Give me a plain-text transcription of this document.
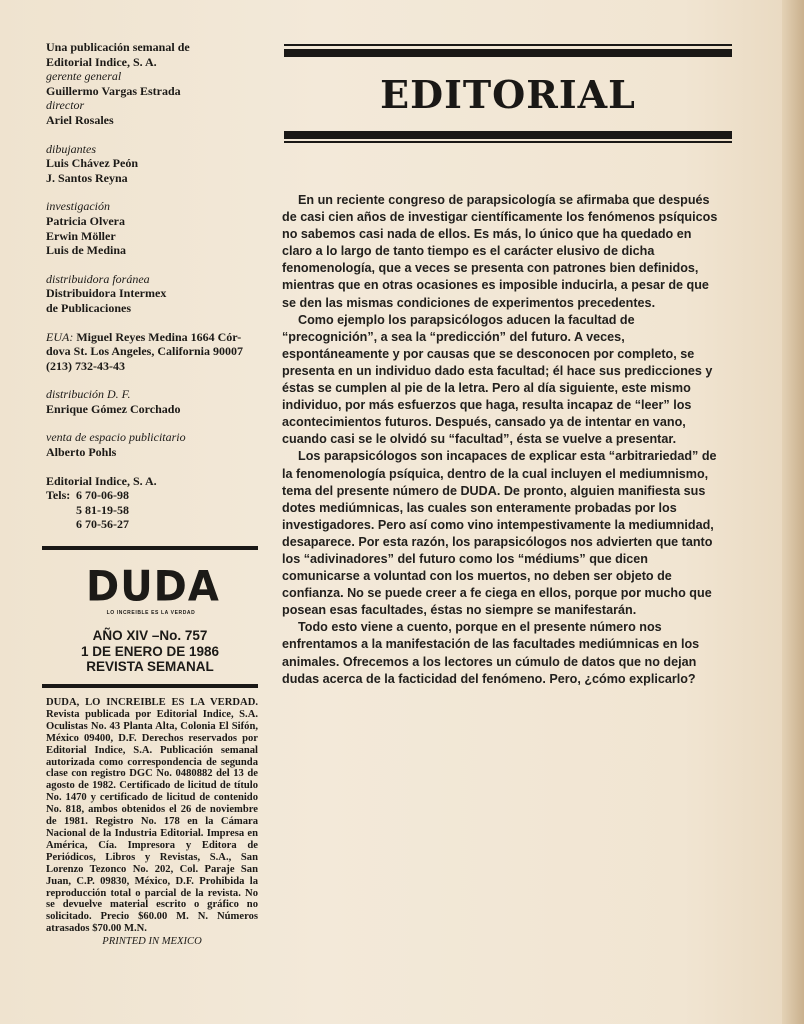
Una publicación semanal de
Editorial Indice, S. A.
gerente general
Guillermo Vargas Estrada
director
Ariel Rosales
dibujantes
Luis Chávez Peón
J. Santos Reyna
investigación
Patricia Olvera
Erwin Möller
Luis de Medina
distribuidora foránea
Distribuidora Intermex
de Publicaciones
EUA: Miguel Reyes Medina 1664 Cór-
dova St. Los Angeles, California 90007
(213) 732-43-43
distribución D. F.
Enrique Gómez Corchado
venta de espacio publicitario
Alberto Pohls
Editorial Indice, S. A.
Tels: 6 70-06-98
5 81-19-58
6 70-56-27
DUDA
LO INCREIBLE ES LA VERDAD
AÑO XIV –No. 757
1 DE ENERO DE 1986
REVISTA SEMANAL
DUDA, LO INCREIBLE ES LA VERDAD. Revista publicada por Editorial Indice, S.A. Oculistas No. 43 Planta Alta, Colonia El Sifón, México 09400, D.F. Derechos reservados por Editorial Indice, S.A. Publicación semanal autorizada como correspondencia de segunda clase con registro DGC No. 0480882 del 13 de agosto de 1982. Certificado de licitud de título No. 1470 y certificado de licitud de contenido No. 818, ambos obtenidos el 26 de noviembre de 1981. Registro No. 178 en la Cámara Nacional de la Industria Editorial. Impresa en América, Cía. Impresora y Editora de Periódicos, Libros y Revistas, S.A., San Lorenzo Tezonco No. 202, Col. Paraje San Juan, C.P. 09830, México, D.F. Prohibida la reproducción total o parcial de la revista. No se devuelve material escrito o gráfico no solicitado. Precio $60.00 M. N. Números atrasados $70.00 M.N.
PRINTED IN MEXICO
EDITORIAL

En un reciente congreso de parapsicología se afirmaba que después de casi cien años de investigar científicamente los fenómenos psíquicos no sabemos casi nada de ellos. Es más, lo único que ha quedado en claro a lo largo de tanto tiempo es el carácter elusivo de dicha fenomenología, que a veces se presenta con patrones bien definidos, mientras que en otras ocasiones es imposible inducirla, a pesar de que se den las mismas condiciones de experimentos precedentes.

Como ejemplo los parapsicólogos aducen la facultad de “precognición”, a sea la “predicción” del futuro. A veces, espontáneamente y por causas que se desconocen por completo, se presenta en un individuo dado esta facultad; él hace sus predicciones y éstas se cumplen al pie de la letra. Pero al día siguiente, este mismo individuo, por más esfuerzos que haga, resulta incapaz de “leer” los acontecimientos futuros. Después, cansado ya de intentar en vano, cuando casi se le olvidó su “facultad”, ésta se vuelve a presentar.

Los parapsicólogos son incapaces de explicar esta “arbitrariedad” de la fenomenología psíquica, dentro de la cual incluyen el mediumnismo, tema del presente número de DUDA. De pronto, alguien manifiesta sus dotes mediúmnicas, las cuales son enteramente probadas por los investigadores. Pero así como vino intempestivamente la mediumnidad, desaparece. Por esta razón, los parapsicólogos nos advierten que tanto los “adivinadores” del futuro como los “médiums” que dicen comunicarse a voluntad con los muertos, no deben ser objeto de confianza. No se puede creer a fe ciega en ellos, porque por mucho que posean esas facultades, éstas no siempre se manifestarán.

Todo esto viene a cuento, porque en el presente número nos enfrentamos a la manifestación de las facultades mediúmnicas en los animales. Ofrecemos a los lectores un cúmulo de datos que no dejan dudas acerca de la facticidad del fenómeno. Pero, ¿cómo explicarlo?
